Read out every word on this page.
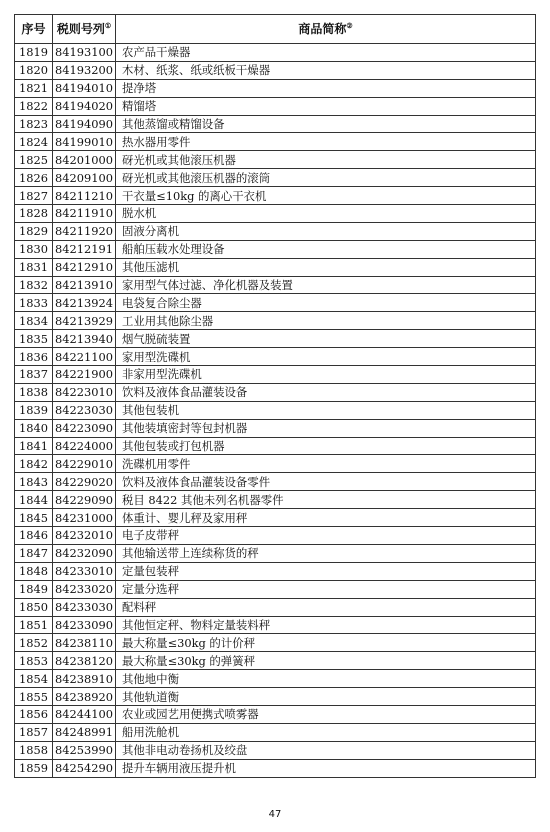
序号	税则号列①	商品简称②
1819	84193100	农产品干燥器
1820	84193200	木材、纸浆、纸或纸板干燥器
1821	84194010	提净塔
1822	84194020	精馏塔
1823	84194090	其他蒸馏或精馏设备
1824	84199010	热水器用零件
1825	84201000	砑光机或其他滚压机器
1826	84209100	砑光机或其他滚压机器的滚筒
1827	84211210	干衣量≤10kg 的离心干衣机
1828	84211910	脱水机
1829	84211920	固液分离机
1830	84212191	船舶压载水处理设备
1831	84212910	其他压滤机
1832	84213910	家用型气体过滤、净化机器及装置
1833	84213924	电袋复合除尘器
1834	84213929	工业用其他除尘器
1835	84213940	烟气脱硫装置
1836	84221100	家用型洗碟机
1837	84221900	非家用型洗碟机
1838	84223010	饮料及液体食品灌装设备
1839	84223030	其他包装机
1840	84223090	其他装填密封等包封机器
1841	84224000	其他包装或打包机器
1842	84229010	洗碟机用零件
1843	84229020	饮料及液体食品灌装设备零件
1844	84229090	税目 8422 其他未列名机器零件
1845	84231000	体重计、婴儿秤及家用秤
1846	84232010	电子皮带秤
1847	84232090	其他输送带上连续称货的秤
1848	84233010	定量包装秤
1849	84233020	定量分选秤
1850	84233030	配料秤
1851	84233090	其他恒定秤、物料定量装料秤
1852	84238110	最大称量≤30kg 的计价秤
1853	84238120	最大称量≤30kg 的弹簧秤
1854	84238910	其他地中衡
1855	84238920	其他轨道衡
1856	84244100	农业或园艺用便携式喷雾器
1857	84248991	船用洗舱机
1858	84253990	其他非电动卷扬机及绞盘
1859	84254290	提升车辆用液压提升机
47
